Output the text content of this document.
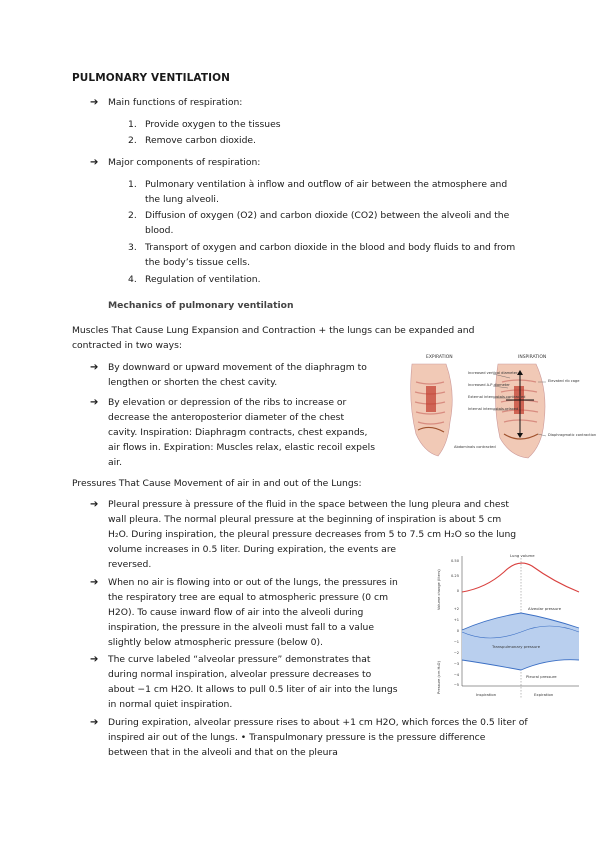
PULMONARY VENTILATION
➔ Main functions of respiration:
1. Provide oxygen to the tissues
2. Remove carbon dioxide.
➔ Major components of respiration:
1. Pulmonary ventilation à inflow and outflow of air between the atmosphere and
the lung alveoli.
2. Diffusion of oxygen (O2) and carbon dioxide (CO2) between the alveoli and the
blood.
3. Transport of oxygen and carbon dioxide in the blood and body fluids to and from
the body’s tissue cells.
4. Regulation of ventilation.
Mechanics of pulmonary ventilation
Muscles That Cause Lung Expansion and Contraction + the lungs can be expanded and
contracted in two ways:
➔ By downward or upward movement of the diaphragm to
lengthen or shorten the chest cavity.
➔ By elevation or depression of the ribs to increase or
decrease the anteroposterior diameter of the chest
cavity. Inspiration: Diaphragm contracts, chest expands,
air flows in. Expiration: Muscles relax, elastic recoil expels
air.
EXPIRATION	INSPIRATION
Increased vertical diameter
Increased A-P diameter
External intercostals contracted
Internal intercostals relaxed
Abdominals contracted
Elevated rib cage
Diaphragmatic contraction
Pressures That Cause Movement of air in and out of the Lungs:
➔ Pleural pressure à pressure of the fluid in the space between the lung pleura and chest
wall pleura. The normal pleural pressure at the beginning of inspiration is about 5 cm
H₂O. During inspiration, the pleural pressure decreases from 5 to 7.5 cm H₂O so the lung
volume increases in 0.5 liter. During expiration, the events are
reversed.
➔ When no air is flowing into or out of the lungs, the pressures in
the respiratory tree are equal to atmospheric pressure (0 cm
H2O). To cause inward flow of air into the alveoli during
inspiration, the pressure in the alveoli must fall to a value
slightly below atmospheric pressure (below 0).
➔ The curve labeled “alveolar pressure” demonstrates that
during normal inspiration, alveolar pressure decreases to
about −1 cm H2O. It allows to pull 0.5 liter of air into the lungs
in normal quiet inspiration.
➔ During expiration, alveolar pressure rises to about +1 cm H2O, which forces the 0.5 liter of
inspired air out of the lungs. • Transpulmonary pressure is the pressure difference
between that in the alveoli and that on the pleura
Volume change (liters)
Pressure (cm H₂O)
0.50
0.25
0
+2
+1
0
−1
−2
−3
−4
−5
Lung volume
Alveolar pressure
Transpulmonary pressure
Pleural pressure
Inspiration	Expiration
